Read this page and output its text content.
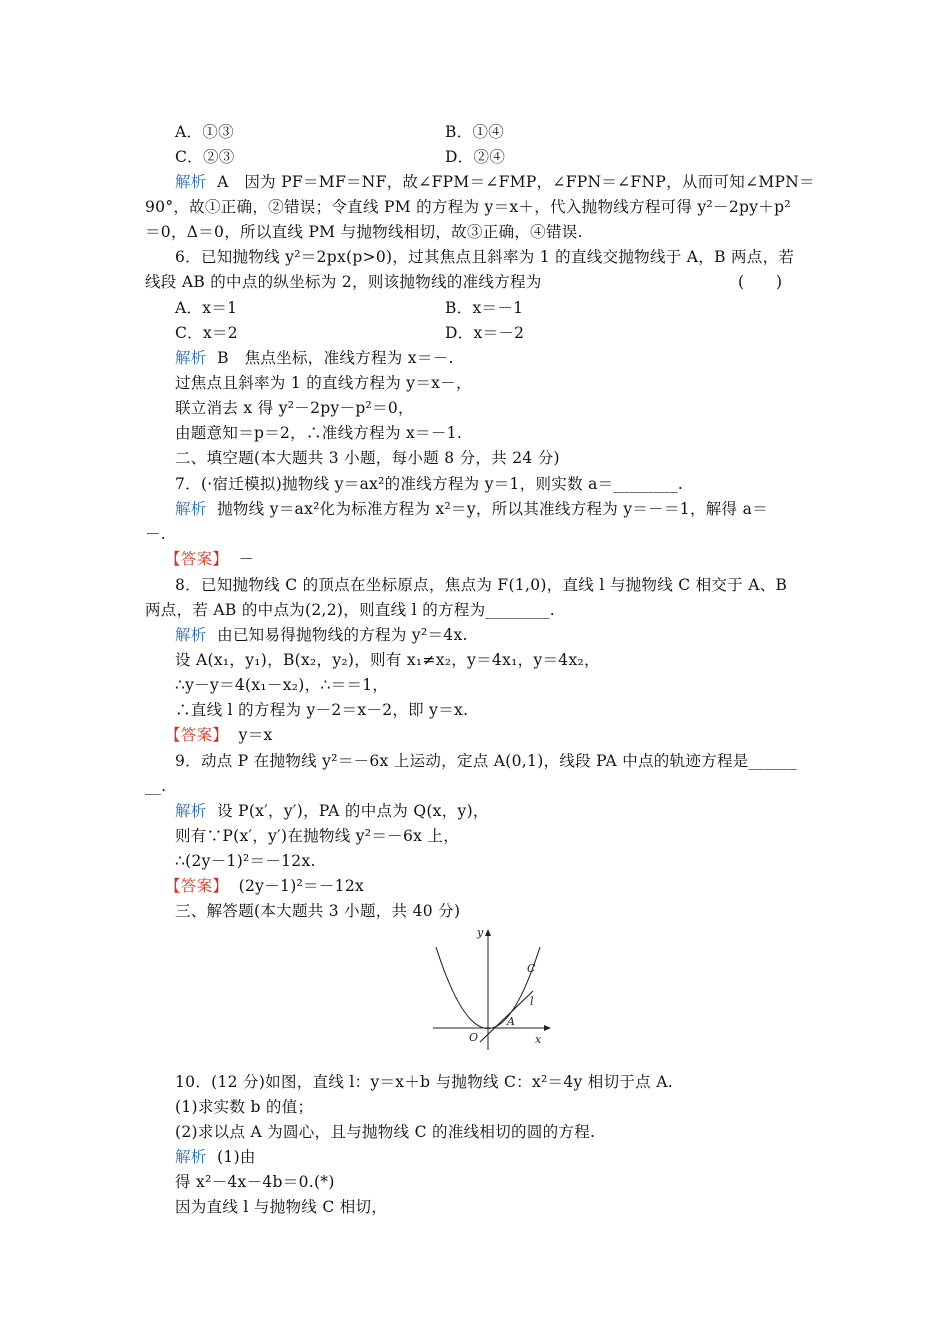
A．①③	B．①④
C．②③	D．②④
解析 A　因为 PF＝MF＝NF，故∠FPM＝∠FMP，∠FPN＝∠FNP，从而可知∠MPN＝
90°，故①正确，②错误；令直线 PM 的方程为 y＝x＋，代入抛物线方程可得 y²－2py＋p²
＝0，Δ＝0，所以直线 PM 与抛物线相切，故③正确，④错误.
6．已知抛物线 y²＝2px(p>0)，过其焦点且斜率为 1 的直线交抛物线于 A，B 两点，若
线段 AB 的中点的纵坐标为 2，则该抛物线的准线方程为	(　　)
A．x＝1	B．x＝－1
C．x＝2	D．x＝－2
解析 B　焦点坐标，准线方程为 x＝－.
过焦点且斜率为 1 的直线方程为 y＝x－，
联立消去 x 得 y²－2py－p²＝0，
由题意知＝p＝2，∴准线方程为 x＝－1.
二、填空题(本大题共 3 小题，每小题 8 分，共 24 分)
7．(·宿迁模拟)抛物线 y＝ax²的准线方程为 y＝1，则实数 a＝________.
解析 抛物线 y＝ax²化为标准方程为 x²＝y，所以其准线方程为 y＝－＝1，解得 a＝
－.
【答案】 －
8．已知抛物线 C 的顶点在坐标原点，焦点为 F(1,0)，直线 l 与抛物线 C 相交于 A、B
两点，若 AB 的中点为(2,2)，则直线 l 的方程为________.
解析 由已知易得抛物线的方程为 y²＝4x.
设 A(x₁，y₁)，B(x₂，y₂)，则有 x₁≠x₂，y＝4x₁，y＝4x₂，
∴y－y＝4(x₁－x₂)，∴＝＝1，
∴直线 l 的方程为 y－2＝x－2，即 y＝x.
【答案】 y＝x
9．动点 P 在抛物线 y²＝－6x 上运动，定点 A(0,1)，线段 PA 中点的轨迹方程是______
__.
解析 设 P(x′，y′)，PA 的中点为 Q(x，y)，
则有∵P(x′，y′)在抛物线 y²＝－6x 上，
∴(2y－1)²＝－12x.
【答案】 (2y－1)²＝－12x
三、解答题(本大题共 3 小题，共 40 分)
y
x
O
A
C
l
10．(12 分)如图，直线 l：y＝x＋b 与抛物线 C：x²＝4y 相切于点 A.
(1)求实数 b 的值；
(2)求以点 A 为圆心，且与抛物线 C 的准线相切的圆的方程.
解析 (1)由
得 x²－4x－4b＝0.(*)
因为直线 l 与抛物线 C 相切，
